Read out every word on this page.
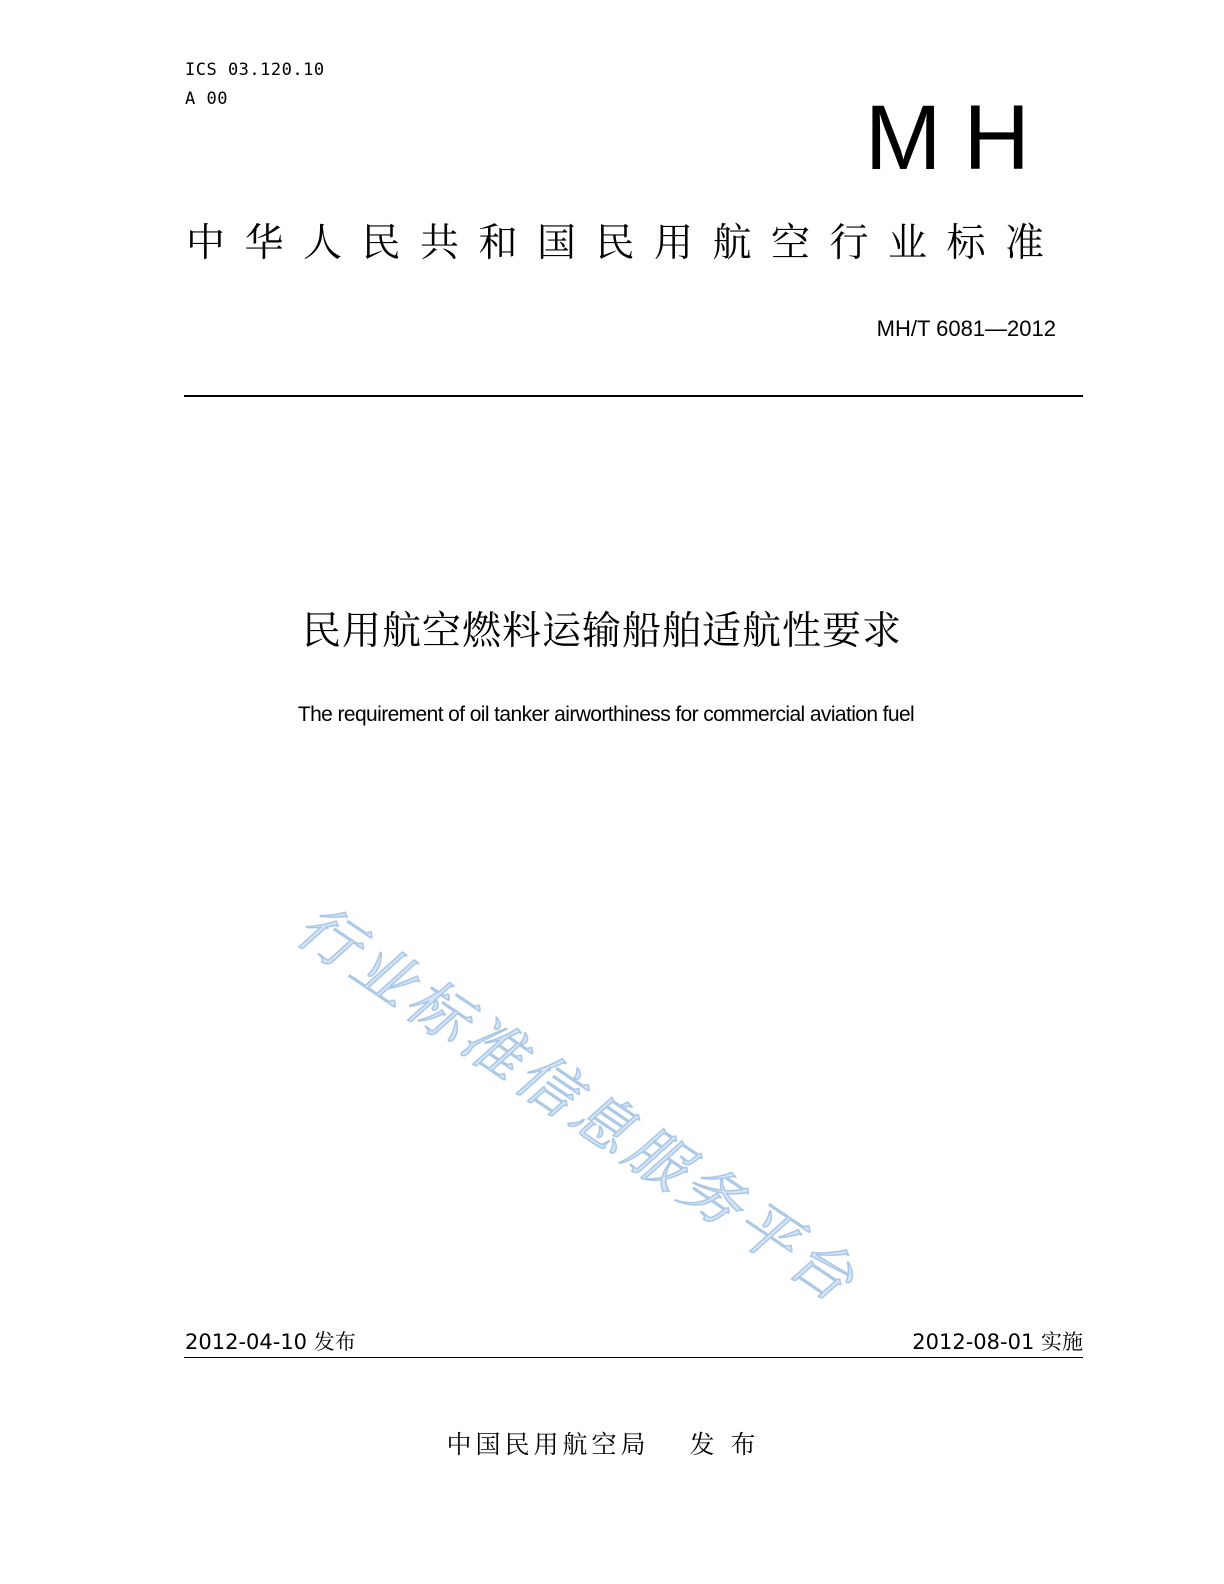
ICS 03.120.10
A 00	MH
中华人民共和国民用航空行业标准
MH/T 6081—2012
民用航空燃料运输船舶适航性要求
The requirement of oil tanker airworthiness for commercial aviation fuel
行业标准信息服务平台
2012-04-10 发布	2012-08-01 实施
中国民用航空局 发布
